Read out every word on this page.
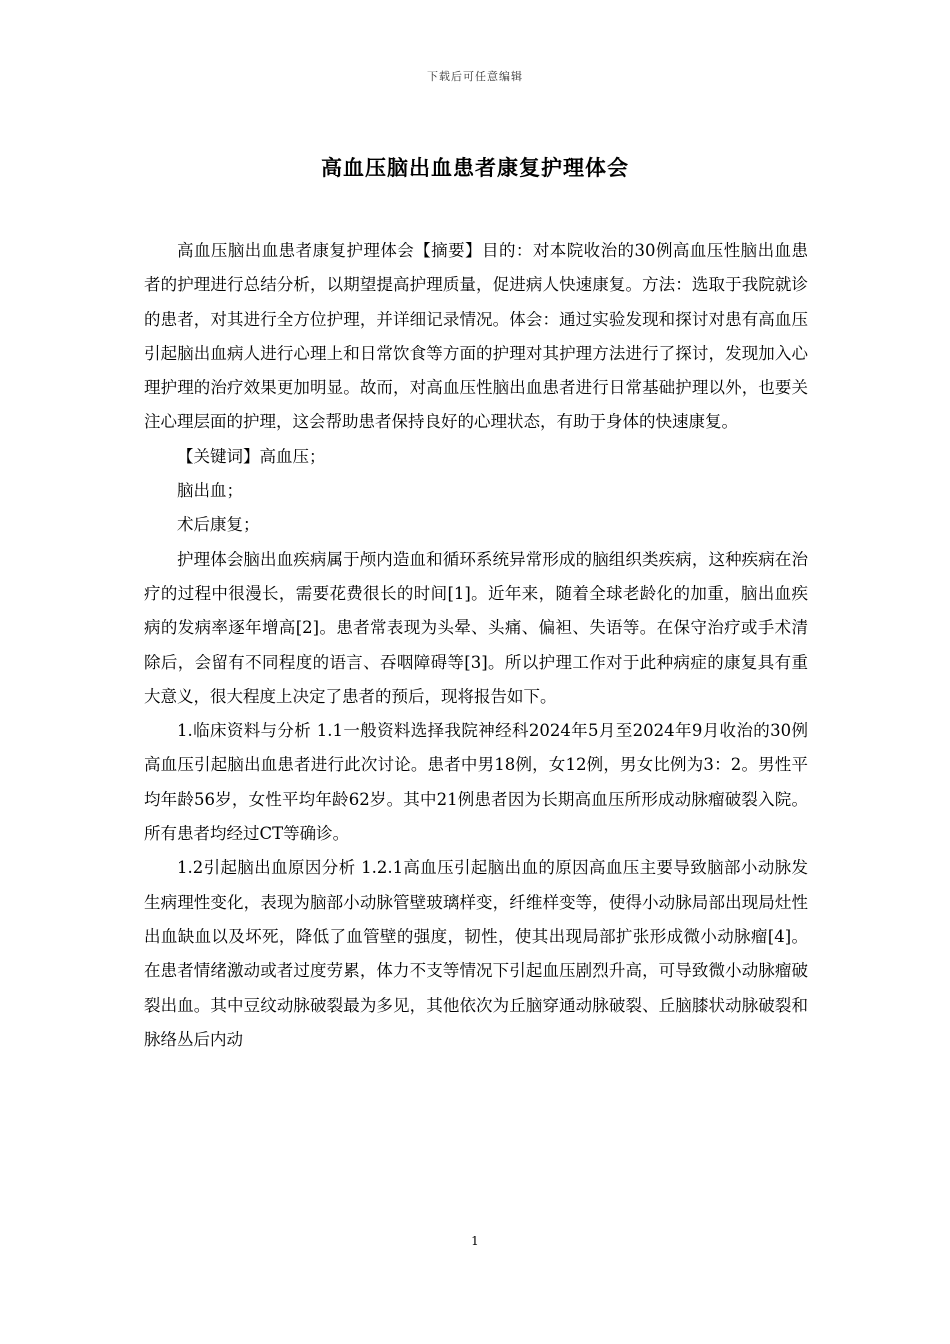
下载后可任意编辑
高血压脑出血患者康复护理体会

高血压脑出血患者康复护理体会【摘要】目的：对本院收治的30例高血压性脑出血患者的护理进行总结分析，以期望提高护理质量，促进病人快速康复。方法：选取于我院就诊的患者，对其进行全方位护理，并详细记录情况。体会：通过实验发现和探讨对患有高血压引起脑出血病人进行心理上和日常饮食等方面的护理对其护理方法进行了探讨，发现加入心理护理的治疗效果更加明显。故而，对高血压性脑出血患者进行日常基础护理以外，也要关注心理层面的护理，这会帮助患者保持良好的心理状态，有助于身体的快速康复。

【关键词】高血压；

脑出血；

术后康复；

护理体会脑出血疾病属于颅内造血和循环系统异常形成的脑组织类疾病，这种疾病在治疗的过程中很漫长，需要花费很长的时间[1]。近年来，随着全球老龄化的加重，脑出血疾病的发病率逐年增高[2]。患者常表现为头晕、头痛、偏袒、失语等。在保守治疗或手术清除后，会留有不同程度的语言、吞咽障碍等[3]。所以护理工作对于此种病症的康复具有重大意义，很大程度上决定了患者的预后，现将报告如下。

1.临床资料与分析 1.1一般资料选择我院神经科2024年5月至2024年9月收治的30例高血压引起脑出血患者进行此次讨论。患者中男18例，女12例，男女比例为3：2。男性平均年龄56岁，女性平均年龄62岁。其中21例患者因为长期高血压所形成动脉瘤破裂入院。所有患者均经过CT等确诊。

1.2引起脑出血原因分析 1.2.1高血压引起脑出血的原因高血压主要导致脑部小动脉发生病理性变化，表现为脑部小动脉管壁玻璃样变，纤维样变等，使得小动脉局部出现局灶性出血缺血以及坏死，降低了血管壁的强度，韧性，使其出现局部扩张形成微小动脉瘤[4]。在患者情绪激动或者过度劳累，体力不支等情况下引起血压剧烈升高，可导致微小动脉瘤破裂出血。其中豆纹动脉破裂最为多见，其他依次为丘脑穿通动脉破裂、丘脑膝状动脉破裂和脉络丛后内动

1
